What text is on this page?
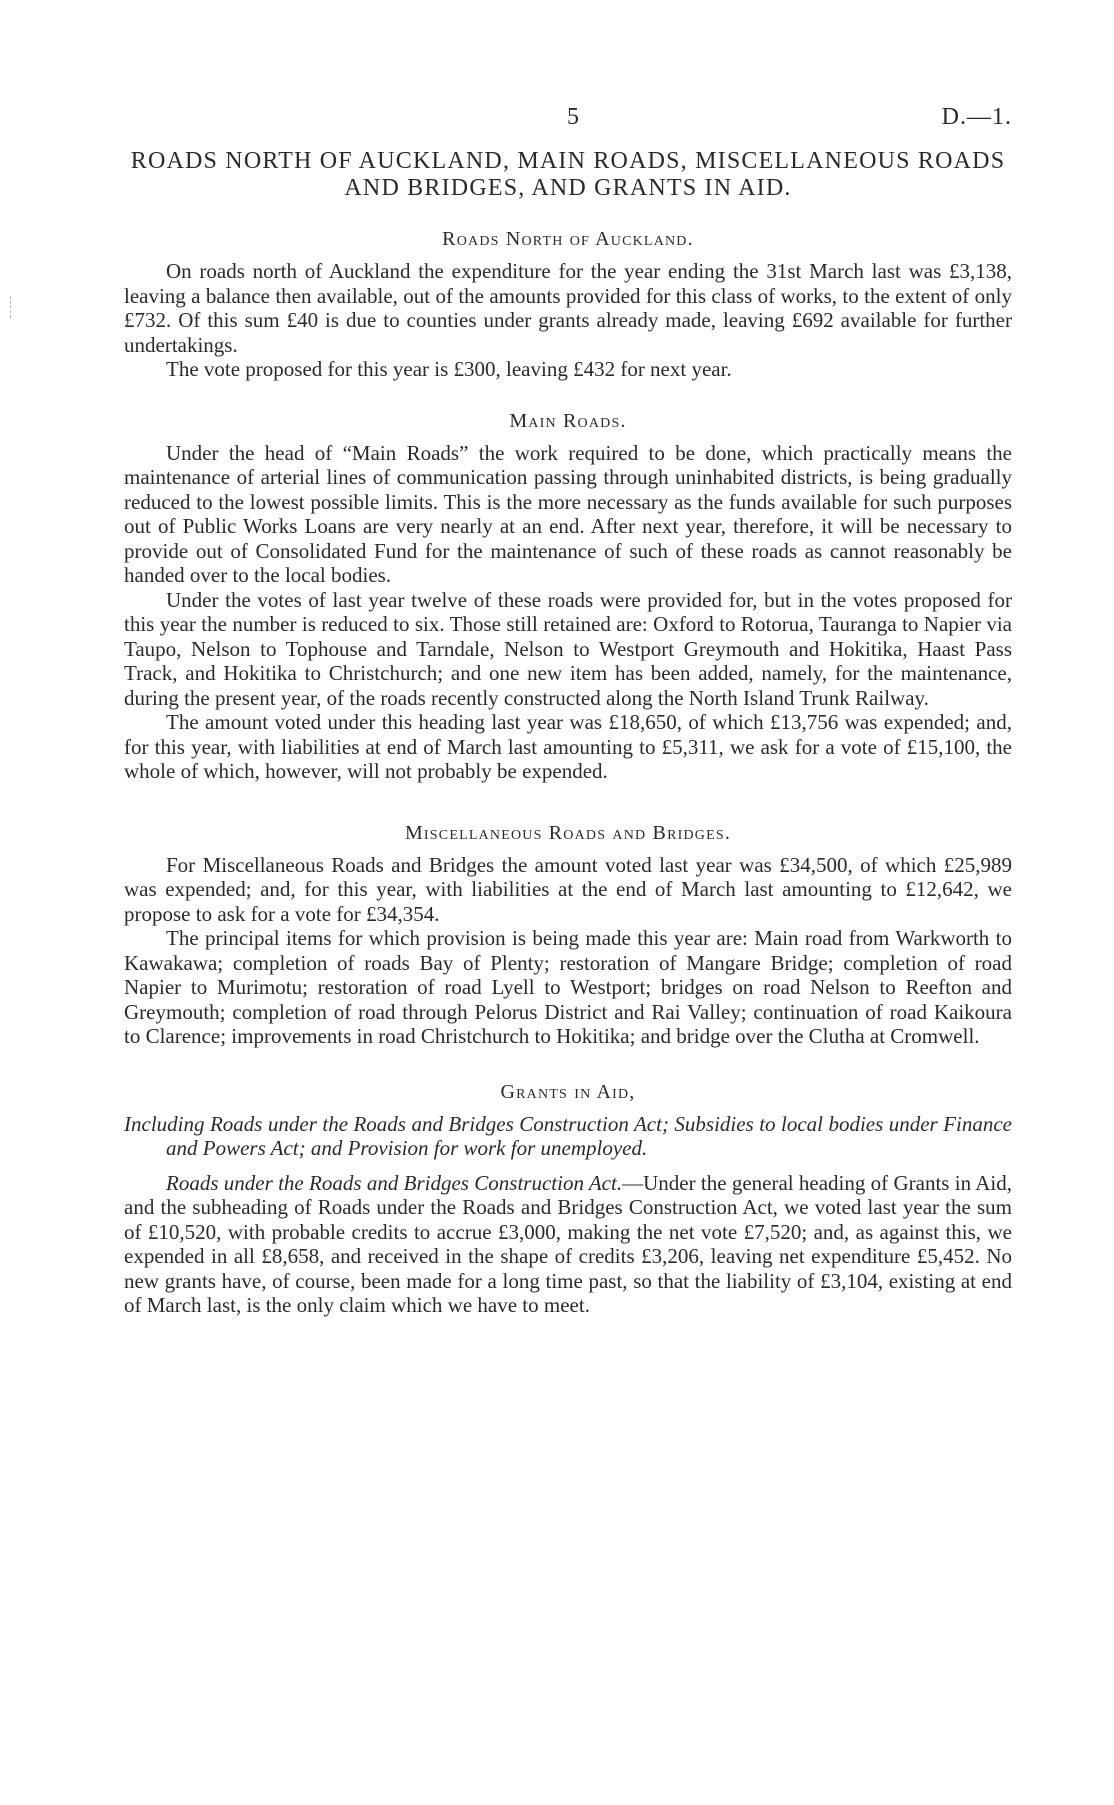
5	D.—1.
ROADS NORTH OF AUCKLAND, MAIN ROADS, MISCELLANEOUS ROADS AND BRIDGES, AND GRANTS IN AID.
Roads North of Auckland.

On roads north of Auckland the expenditure for the year ending the 31st March last was £3,138, leaving a balance then available, out of the amounts provided for this class of works, to the extent of only £732. Of this sum £40 is due to counties under grants already made, leaving £692 available for further undertakings.

The vote proposed for this year is £300, leaving £432 for next year.

Main Roads.

Under the head of “Main Roads” the work required to be done, which practically means the maintenance of arterial lines of communication passing through uninhabited districts, is being gradually reduced to the lowest possible limits. This is the more necessary as the funds available for such purposes out of Public Works Loans are very nearly at an end. After next year, therefore, it will be necessary to provide out of Consolidated Fund for the maintenance of such of these roads as cannot reasonably be handed over to the local bodies.

Under the votes of last year twelve of these roads were provided for, but in the votes proposed for this year the number is reduced to six. Those still retained are: Oxford to Rotorua, Tauranga to Napier via Taupo, Nelson to Tophouse and Tarndale, Nelson to Westport Greymouth and Hokitika, Haast Pass Track, and Hokitika to Christchurch; and one new item has been added, namely, for the maintenance, during the present year, of the roads recently constructed along the North Island Trunk Railway.

The amount voted under this heading last year was £18,650, of which £13,756 was expended; and, for this year, with liabilities at end of March last amounting to £5,311, we ask for a vote of £15,100, the whole of which, however, will not probably be expended.

Miscellaneous Roads and Bridges.

For Miscellaneous Roads and Bridges the amount voted last year was £34,500, of which £25,989 was expended; and, for this year, with liabilities at the end of March last amounting to £12,642, we propose to ask for a vote for £34,354.

The principal items for which provision is being made this year are: Main road from Warkworth to Kawakawa; completion of roads Bay of Plenty; restoration of Mangare Bridge; completion of road Napier to Murimotu; restoration of road Lyell to Westport; bridges on road Nelson to Reefton and Greymouth; completion of road through Pelorus District and Rai Valley; continuation of road Kaikoura to Clarence; improvements in road Christchurch to Hokitika; and bridge over the Clutha at Cromwell.

Grants in Aid,
Including Roads under the Roads and Bridges Construction Act; Subsidies to local bodies under Finance and Powers Act; and Provision for work for unemployed.

Roads under the Roads and Bridges Construction Act.—Under the general heading of Grants in Aid, and the subheading of Roads under the Roads and Bridges Construction Act, we voted last year the sum of £10,520, with probable credits to accrue £3,000, making the net vote £7,520; and, as against this, we expended in all £8,658, and received in the shape of credits £3,206, leaving net expenditure £5,452. No new grants have, of course, been made for a long time past, so that the liability of £3,104, existing at end of March last, is the only claim which we have to meet.
